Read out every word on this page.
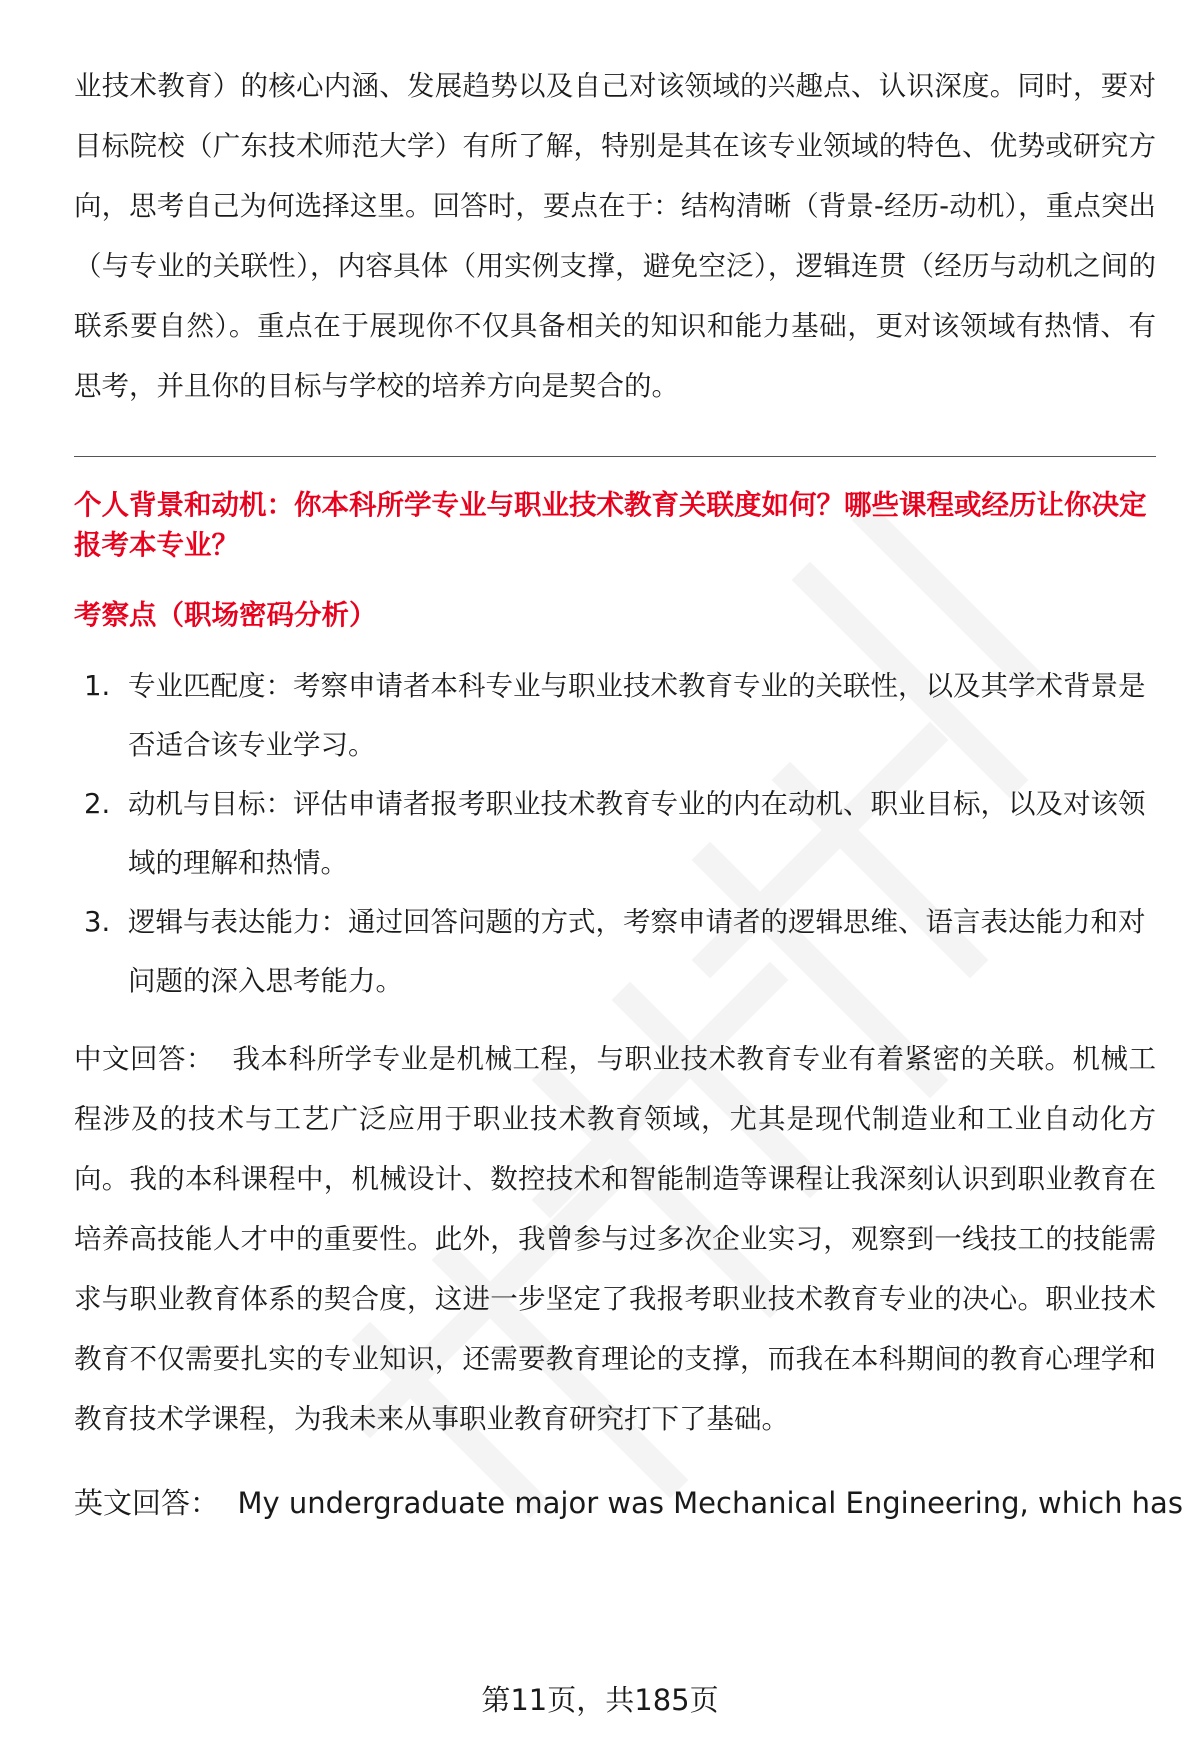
业技术教育）的核心内涵、发展趋势以及自己对该领域的兴趣点、认识深度。同时，要对目标院校（广东技术师范大学）有所了解，特别是其在该专业领域的特色、优势或研究方向，思考自己为何选择这里。回答时，要点在于：结构清晰（背景-经历-动机），重点突出（与专业的关联性），内容具体（用实例支撑，避免空泛），逻辑连贯（经历与动机之间的联系要自然）。重点在于展现你不仅具备相关的知识和能力基础，更对该领域有热情、有思考，并且你的目标与学校的培养方向是契合的。

个人背景和动机：你本科所学专业与职业技术教育关联度如何？哪些课程或经历让你决定报考本专业？

考察点（职场密码分析）

1. 专业匹配度：考察申请者本科专业与职业技术教育专业的关联性，以及其学术背景是否适合该专业学习。
2. 动机与目标：评估申请者报考职业技术教育专业的内在动机、职业目标，以及对该领域的理解和热情。
3. 逻辑与表达能力：通过回答问题的方式，考察申请者的逻辑思维、语言表达能力和对问题的深入思考能力。

中文回答： 我本科所学专业是机械工程，与职业技术教育专业有着紧密的关联。机械工程涉及的技术与工艺广泛应用于职业技术教育领域，尤其是现代制造业和工业自动化方向。我的本科课程中，机械设计、数控技术和智能制造等课程让我深刻认识到职业教育在培养高技能人才中的重要性。此外，我曾参与过多次企业实习，观察到一线技工的技能需求与职业教育体系的契合度，这进一步坚定了我报考职业技术教育专业的决心。职业技术教育不仅需要扎实的专业知识，还需要教育理论的支撑，而我在本科期间的教育心理学和教育技术学课程，为我未来从事职业教育研究打下了基础。

英文回答： My undergraduate major was Mechanical Engineering, which has

第11页，共185页
